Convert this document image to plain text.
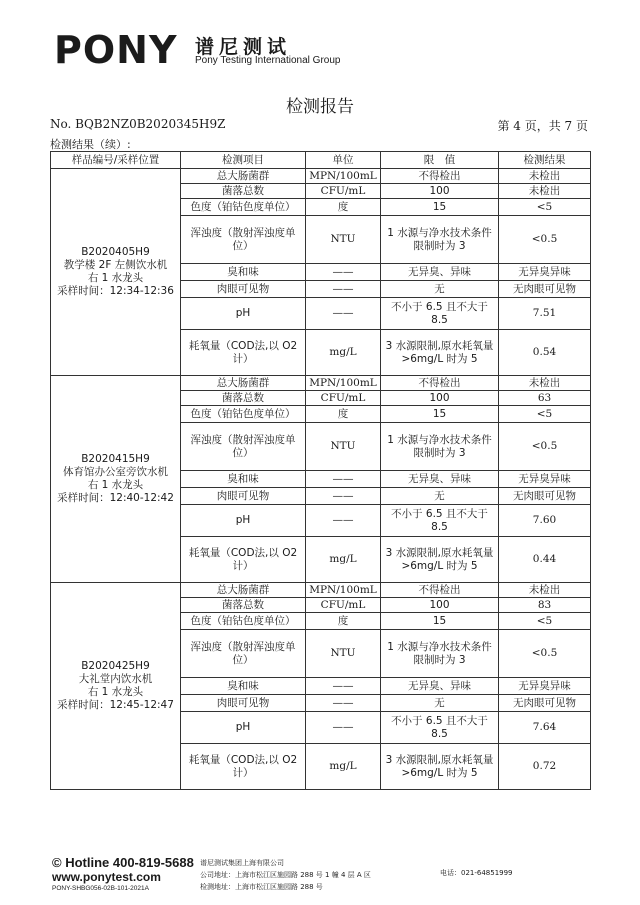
PONY 谱尼测试
Pony Testing International Group
检测报告
No. BQB2NZ0B2020345H9Z	第 4 页，共 7 页
检测结果（续）:
样品编号/采样位置	检测项目	单位	限　值	检测结果

B2020405H9
教学楼 2F 左侧饮水机
右 1 水龙头
采样时间：12:34-12:36	总大肠菌群	MPN/100mL	不得检出	未检出
	菌落总数	CFU/mL	100	未检出
	色度（铂钴色度单位）	度	15	<5
	浑浊度（散射浑浊度单位）	NTU	1 水源与净水技术条件限制时为 3	<0.5
	臭和味	——	无异臭、异味	无异臭异味
	肉眼可见物	——	无	无肉眼可见物
	pH	——	不小于 6.5 且不大于 8.5	7.51
	耗氧量（COD法,以 O2 计）	mg/L	3 水源限制,原水耗氧量>6mg/L 时为 5	0.54

B2020415H9
体育馆办公室旁饮水机
右 1 水龙头
采样时间：12:40-12:42	总大肠菌群	MPN/100mL	不得检出	未检出
	菌落总数	CFU/mL	100	63
	色度（铂钴色度单位）	度	15	<5
	浑浊度（散射浑浊度单位）	NTU	1 水源与净水技术条件限制时为 3	<0.5
	臭和味	——	无异臭、异味	无异臭异味
	肉眼可见物	——	无	无肉眼可见物
	pH	——	不小于 6.5 且不大于 8.5	7.60
	耗氧量（COD法,以 O2 计）	mg/L	3 水源限制,原水耗氧量>6mg/L 时为 5	0.44

B2020425H9
大礼堂内饮水机
右 1 水龙头
采样时间：12:45-12:47	总大肠菌群	MPN/100mL	不得检出	未检出
	菌落总数	CFU/mL	100	83
	色度（铂钴色度单位）	度	15	<5
	浑浊度（散射浑浊度单位）	NTU	1 水源与净水技术条件限制时为 3	<0.5
	臭和味	——	无异臭、异味	无异臭异味
	肉眼可见物	——	无	无肉眼可见物
	pH	——	不小于 6.5 且不大于 8.5	7.64
	耗氧量（COD法,以 O2 计）	mg/L	3 水源限制,原水耗氧量>6mg/L 时为 5	0.72
© Hotline 400-819-5688
www.ponytest.com
PONY-SHBG056-02B-101-2021A
谱尼测试集团上海有限公司
公司地址：上海市松江区施园路 288 号 1 幢 4 层 A 区
检测地址：上海市松江区施园路 288 号
电话：021-64851999
